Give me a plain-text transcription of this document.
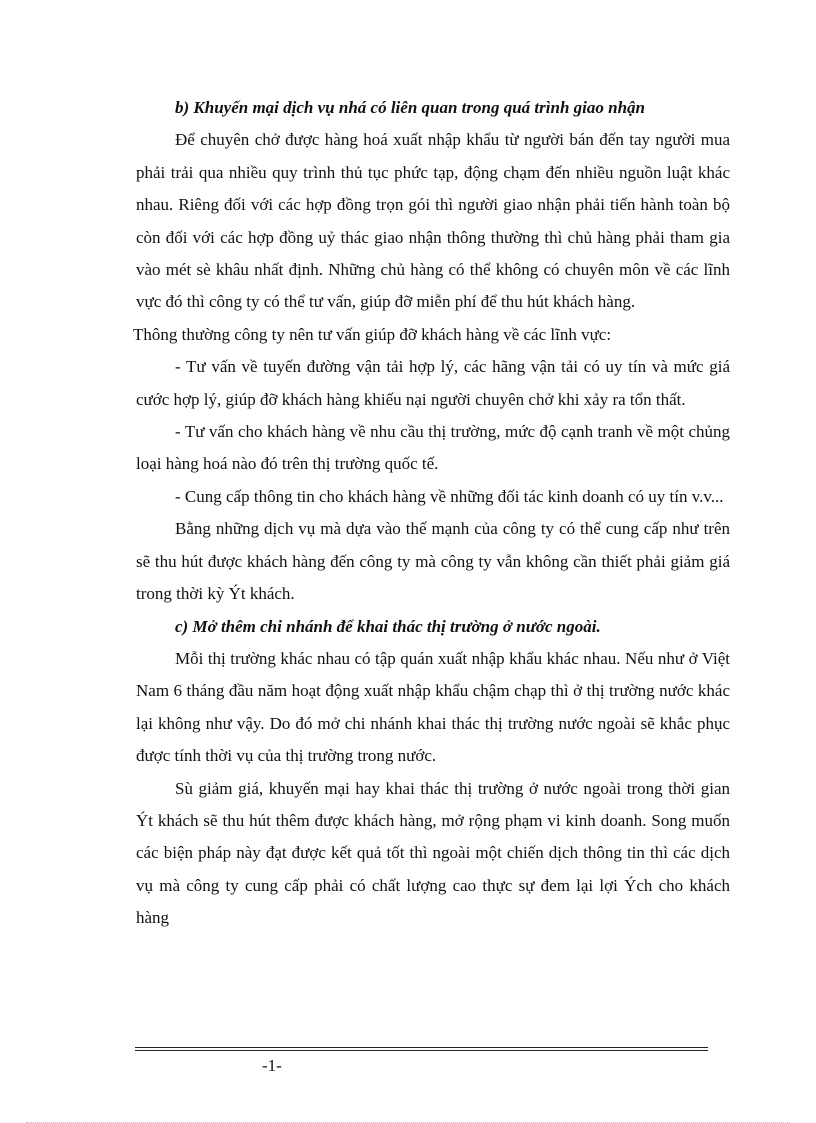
b) Khuyến mại dịch vụ nhá có liên quan trong quá trình giao nhận

Để chuyên chở được hàng hoá xuất nhập khẩu từ người bán đến tay người mua phải trải qua nhiều quy trình thủ tục phức tạp, động chạm đến nhiều nguồn luật khác nhau. Riêng đối với các hợp đồng trọn gói thì người giao nhận phải tiến hành toàn bộ còn đối với các hợp đồng uỷ thác giao nhận thông thường thì chủ hàng phải tham gia vào mét sè khâu nhất định. Những chủ hàng có thể không có chuyên môn về các lĩnh vực đó thì công ty có thể tư vấn, giúp đỡ miễn phí để thu hút khách hàng.

Thông thường công ty nên tư vấn giúp đỡ khách hàng về các lĩnh vực:

- Tư vấn về tuyến đường vận tải hợp lý, các hãng vận tải có uy tín và mức giá cước hợp lý, giúp đỡ khách hàng khiếu nại người chuyên chở khi xảy ra tổn thất.

- Tư vấn cho khách hàng về nhu cầu thị trường, mức độ cạnh tranh về một chủng loại hàng hoá nào đó trên thị trường quốc tế.

- Cung cấp thông tin cho khách hàng về những đối tác kinh doanh có uy tín v.v...

Bằng những dịch vụ mà dựa vào thế mạnh của công ty có thể cung cấp như trên sẽ thu hút được khách hàng đến công ty mà công ty vẫn không cần thiết phải giảm giá trong thời kỳ Ýt khách.

c) Mở thêm chi nhánh để khai thác thị trường ở nước ngoài.

Mỗi thị trường khác nhau có tập quán xuất nhập khẩu khác nhau. Nếu như ở Việt Nam 6 tháng đầu năm hoạt động xuất nhập khẩu chậm chạp thì ở thị trường nước khác lại không như vậy. Do đó mở chi nhánh khai thác thị trường nước ngoài sẽ khắc phục được tính thời vụ của thị trường trong nước.

Sù giảm giá, khuyến mại hay khai thác thị trường ở nước ngoài trong thời gian Ýt khách sẽ thu hút thêm được khách hàng, mở rộng phạm vi kinh doanh. Song muốn các biện pháp này đạt được kết quả tốt thì ngoài một chiến dịch thông tin thì các dịch vụ mà công ty cung cấp phải có chất lượng cao thực sự đem lại lợi Ých cho khách hàng

-1-
